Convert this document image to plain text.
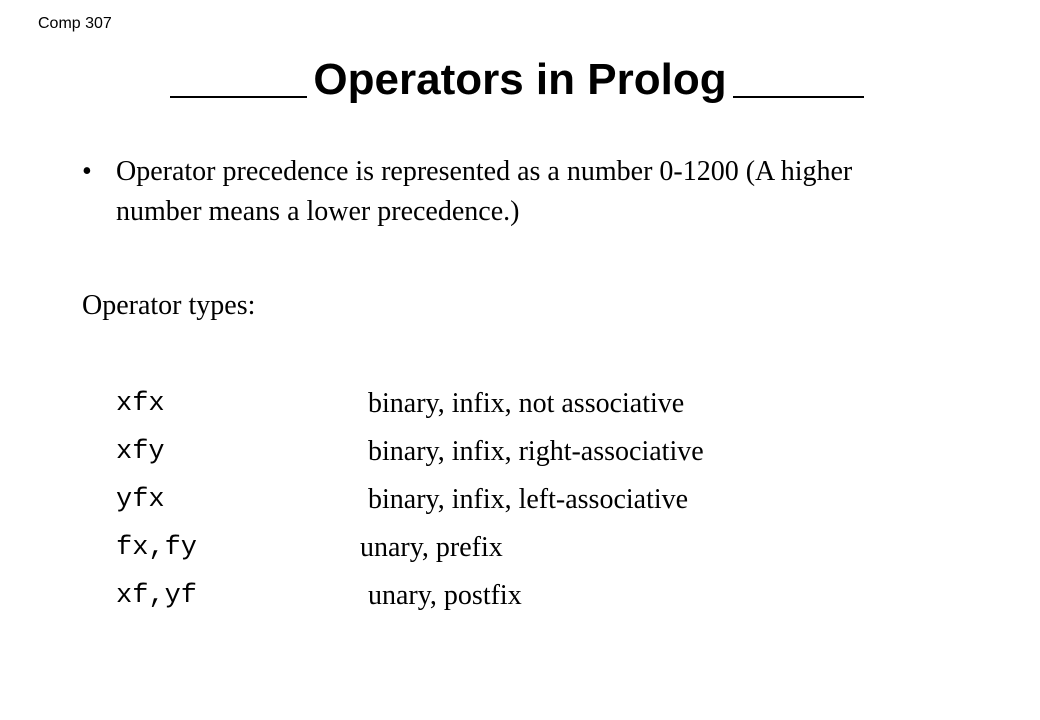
Comp 307
Operators in Prolog
• Operator precedence is represented as a number 0-1200 (A higher number means a lower precedence.)
Operator types:
xfx	binary, infix, not associative
xfy	binary, infix, right-associative
yfx	binary, infix, left-associative
fx,fy	unary, prefix
xf,yf	unary, postfix
